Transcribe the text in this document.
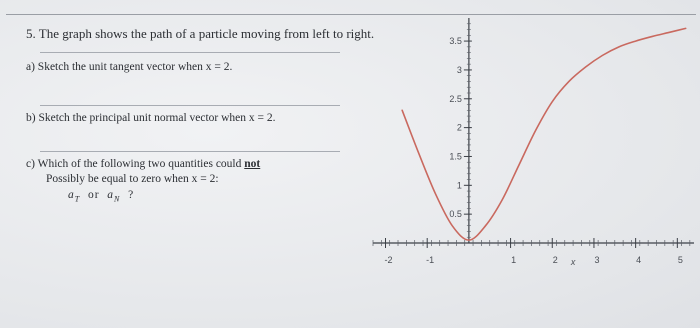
5. The graph shows the path of a particle moving from left to right.
a) Sketch the unit tangent vector when x = 2.
b) Sketch the principal unit normal vector when x = 2.
c) Which of the following two quantities could not
Possibly be equal to zero when x = 2:
$a_T$ or $a_N$ ?
-2	-1	1	2	3	4	5
x
0.5
1
1.5
2
2.5
3
3.5
